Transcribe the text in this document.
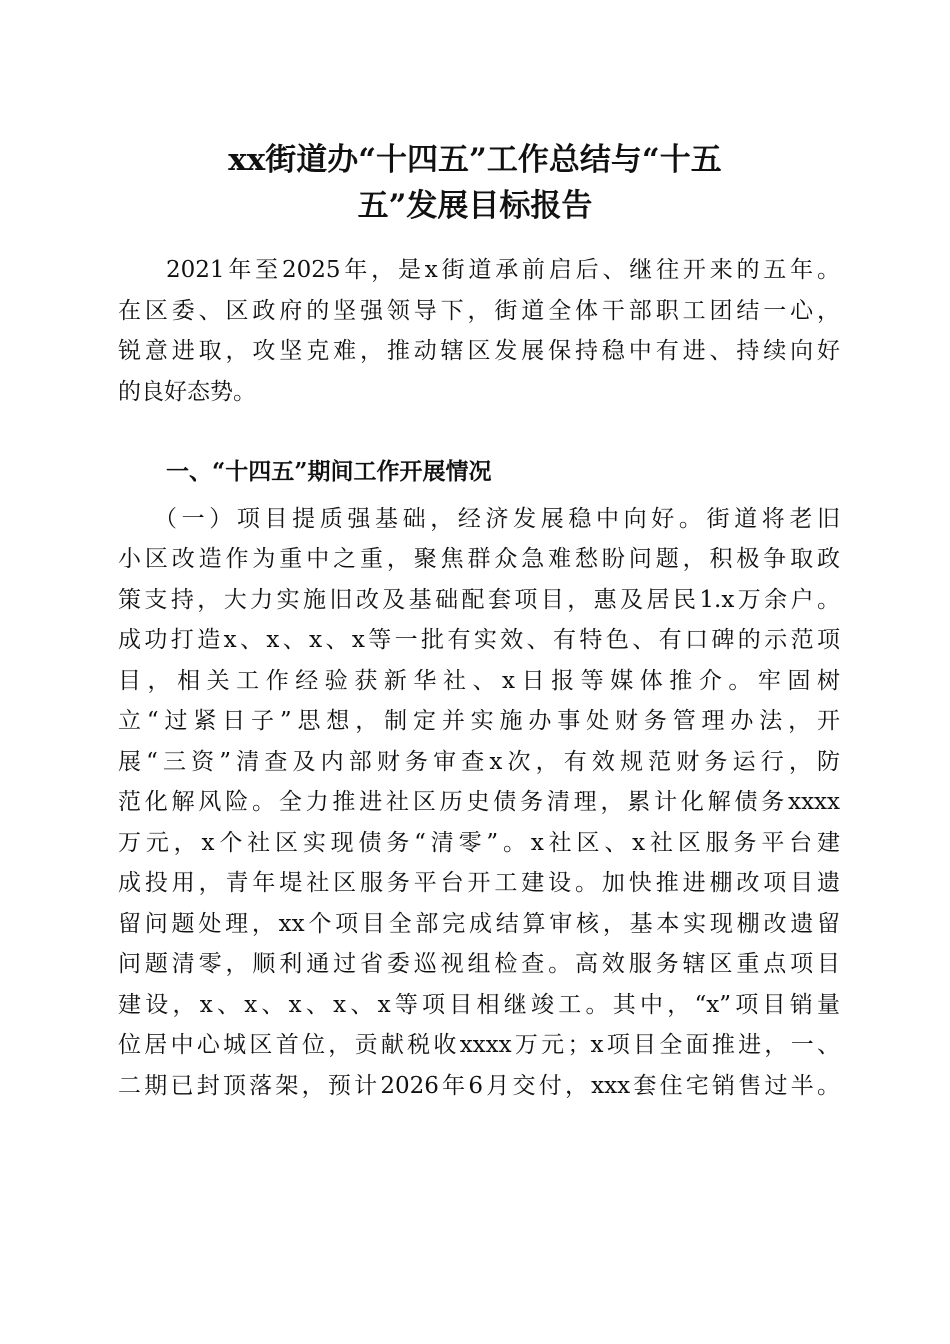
xx街道办“十四五”工作总结与“十五
五”发展目标报告
2021年至2025年，是x街道承前启后、继往开来的五年。
在区委、区政府的坚强领导下，街道全体干部职工团结一心，
锐意进取，攻坚克难，推动辖区发展保持稳中有进、持续向好
的良好态势。
一、“十四五”期间工作开展情况
（一）项目提质强基础，经济发展稳中向好。街道将老旧
小区改造作为重中之重，聚焦群众急难愁盼问题，积极争取政
策支持，大力实施旧改及基础配套项目，惠及居民1.x万余户。
成功打造x、x、x、x等一批有实效、有特色、有口碑的示范项
目，相关工作经验获新华社、x日报等媒体推介。牢固树
立“过紧日子”思想，制定并实施办事处财务管理办法，开
展“三资”清查及内部财务审查x次，有效规范财务运行，防
范化解风险。全力推进社区历史债务清理，累计化解债务xxxx
万元，x个社区实现债务“清零”。x社区、x社区服务平台建
成投用，青年堤社区服务平台开工建设。加快推进棚改项目遗
留问题处理，xx个项目全部完成结算审核，基本实现棚改遗留
问题清零，顺利通过省委巡视组检查。高效服务辖区重点项目
建设，x、x、x、x、x等项目相继竣工。其中，“x”项目销量
位居中心城区首位，贡献税收xxxx万元；x项目全面推进，一、
二期已封顶落架，预计2026年6月交付，xxx套住宅销售过半。
